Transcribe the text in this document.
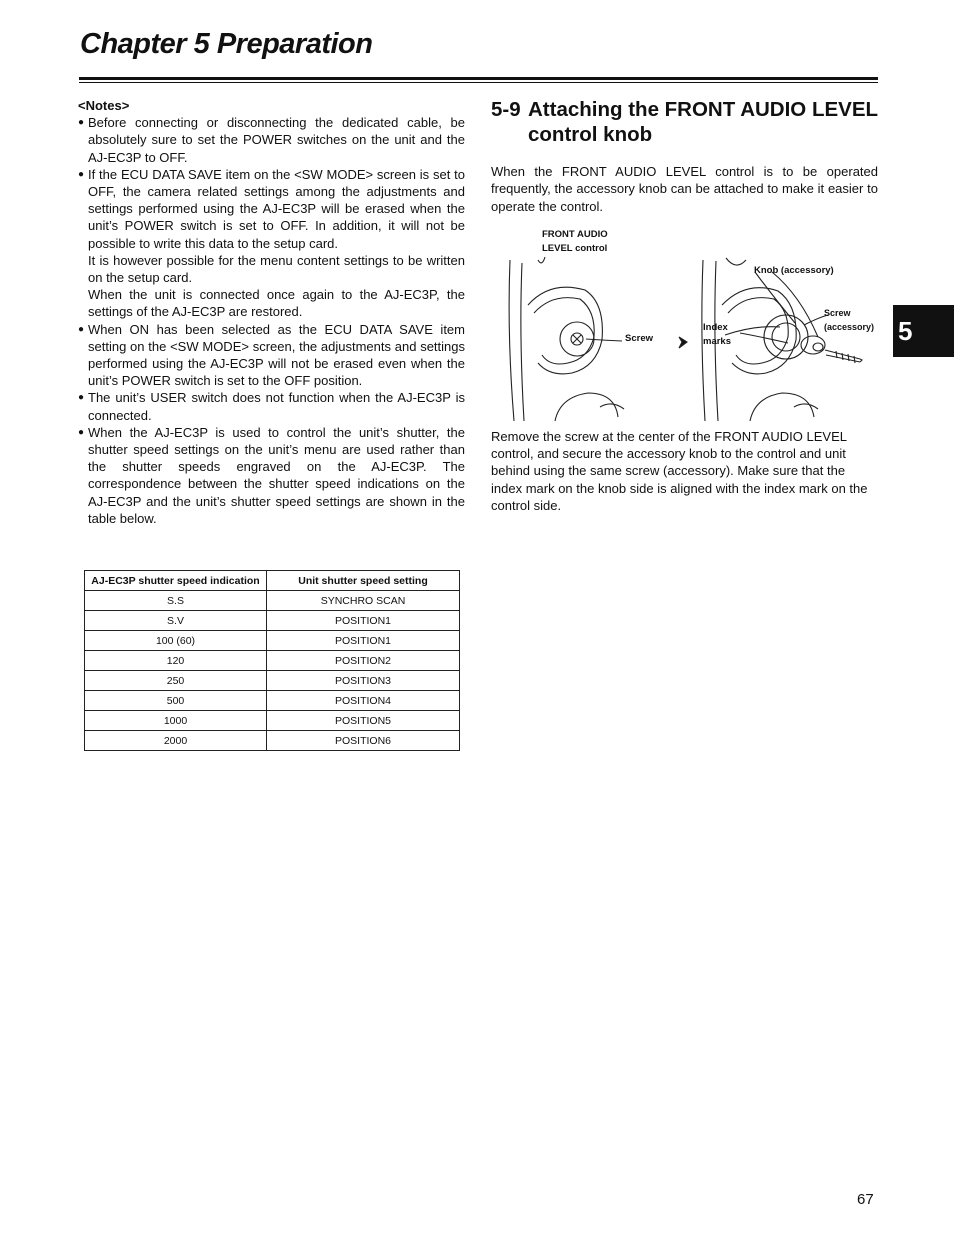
Chapter 5 Preparation
<Notes>
● Before connecting or disconnecting the dedicated cable, be absolutely sure to set the POWER switches on the unit and the AJ-EC3P to OFF.

● If the ECU DATA SAVE item on the <SW MODE> screen is set to OFF, the camera related settings among the adjustments and settings performed using the AJ-EC3P will be erased when the unit’s POWER switch is set to OFF. In addition, it will not be possible to write this data to the setup card.

It is however possible for the menu content settings to be written on the setup card.

When the unit is connected once again to the AJ-EC3P, the settings of the AJ-EC3P are restored.

● When ON has been selected as the ECU DATA SAVE item setting on the <SW MODE> screen, the adjustments and settings performed using the AJ-EC3P will not be erased even when the unit’s POWER switch is set to the OFF position.

● The unit’s USER switch does not function when the AJ-EC3P is connected.

● When the AJ-EC3P is used to control the unit’s shutter, the shutter speed settings on the unit’s menu are used rather than the shutter speeds engraved on the AJ-EC3P. The correspondence between the shutter speed indications on the AJ-EC3P and the unit’s shutter speed settings are shown in the table below.

AJ-EC3P shutter speed indication	Unit shutter speed setting
S.S	SYNCHRO SCAN
S.V	POSITION1
100 (60)	POSITION1
120	POSITION2
250	POSITION3
500	POSITION4
1000	POSITION5
2000	POSITION6
5-9 Attaching the FRONT AUDIO LEVEL
control knob

When the FRONT AUDIO LEVEL control is to be operated frequently, the accessory knob can be attached to make it easier to operate the control.

FRONT AUDIO
LEVEL control
Screw
Knob (accessory)
Screw
(accessory)
Index
marks

Remove the screw at the center of the FRONT AUDIO LEVEL control, and secure the accessory knob to the control and unit behind using the same screw (accessory). Make sure that the index mark on the knob side is aligned with the index mark on the control side.

5
67
